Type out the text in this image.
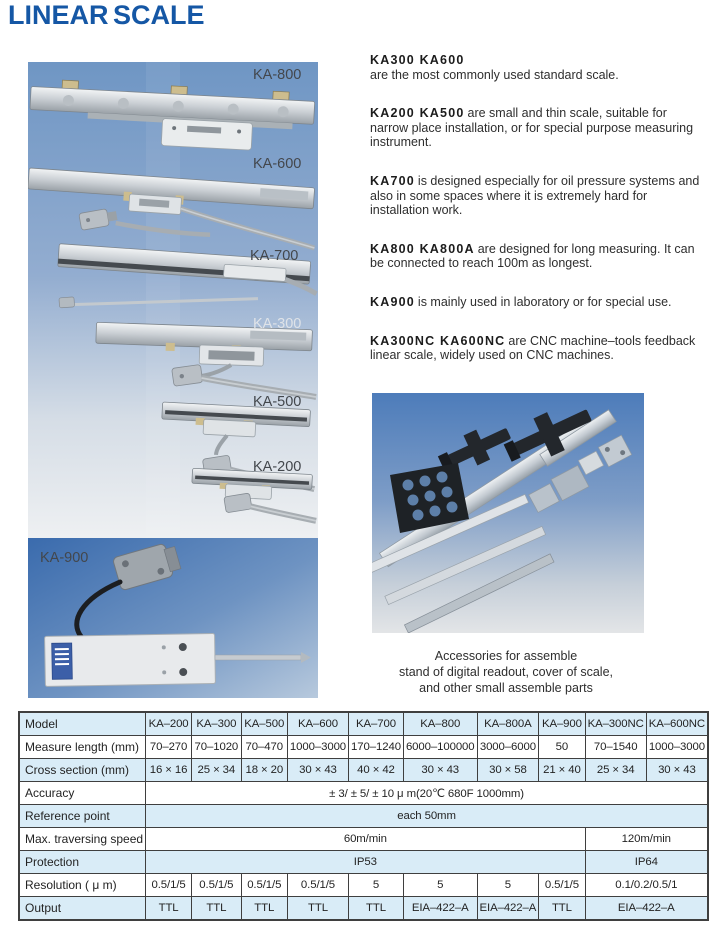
LINEAR SCALE
KA-800
KA-600
KA-700
KA-300
KA-500
KA-200
KA-900

KA300 KA600
are the most commonly used standard scale.

KA200 KA500 are small and thin scale, suitable for narrow place installation, or for special purpose measuring instrument.

KA700 is designed especially for oil pressure systems and also in some spaces where it is extremely hard for installation work.

KA800 KA800A are designed for long measuring. It can be connected to reach 100m as longest.

KA900 is mainly used in laboratory or for special use.

KA300NC KA600NC are CNC machine–tools feedback linear scale, widely used on CNC machines.

Accessories for assemble
stand of digital readout, cover of scale,
and other small assemble parts
Model	KA–200	KA–300	KA–500	KA–600	KA–700	KA–800	KA–800A	KA–900	KA–300NC	KA–600NC
Measure length (mm)	70–270	70–1020	70–470	1000–3000	170–1240	6000–100000	3000–6000	50	70–1540	1000–3000
Cross section (mm)	16 × 16	25 × 34	18 × 20	30 × 43	40 × 42	30 × 43	30 × 58	21 × 40	25 × 34	30 × 43
Accuracy	± 3/ ± 5/ ± 10 μ m(20℃ 680F 1000mm)									
Reference point	each 50mm									
Max. traversing speed	60m/min								120m/min	
Protection	IP53								IP64	
Resolution ( μ m)	0.5/1/5	0.5/1/5	0.5/1/5	0.5/1/5	5	5	5	0.5/1/5	0.1/0.2/0.5/1	
Output	TTL	TTL	TTL	TTL	TTL	EIA–422–A	EIA–422–A	TTL	EIA–422–A	
